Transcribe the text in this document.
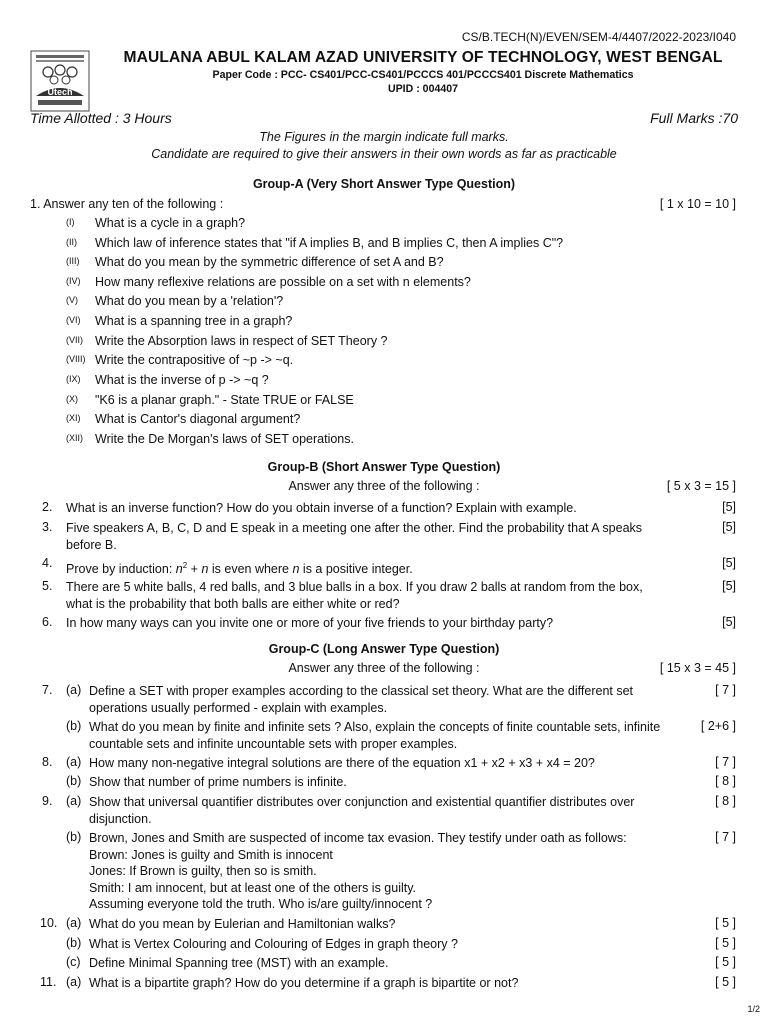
CS/B.TECH(N)/EVEN/SEM-4/4407/2022-2023/I040
Utech
MAULANA ABUL KALAM AZAD UNIVERSITY OF TECHNOLOGY, WEST BENGAL
Paper Code : PCC- CS401/PCC-CS401/PCCCS 401/PCCCS401 Discrete Mathematics
UPID : 004407
Time Allotted : 3 Hours	Full Marks :70
The Figures in the margin indicate full marks.
Candidate are required to give their answers in their own words as far as practicable
Group-A (Very Short Answer Type Question)
1. Answer any ten of the following :	[ 1 x 10 = 10 ]
(I) What is a cycle in a graph?
(II) Which law of inference states that "if A implies B, and B implies C, then A implies C"?
(III) What do you mean by the symmetric difference of set A and B?
(IV) How many reflexive relations are possible on a set with n elements?
(V) What do you mean by a 'relation'?
(VI) What is a spanning tree in a graph?
(VII) Write the Absorption laws in respect of SET Theory ?
(VIII) Write the contrapositive of ~p -> ~q.
(IX) What is the inverse of p -> ~q ?
(X) "K6 is a planar graph." - State TRUE or FALSE
(XI) What is Cantor's diagonal argument?
(XII) Write the De Morgan's laws of SET operations.
Group-B (Short Answer Type Question)
Answer any three of the following :	[ 5 x 3 = 15 ]
2. What is an inverse function? How do you obtain inverse of a function? Explain with example.	[5]
3. Five speakers A, B, C, D and E speak in a meeting one after the other. Find the probability that A speaks before B.
[5]
4. Prove by induction: $n^2 + n$ is even where n is a positive integer.	[5]
5. There are 5 white balls, 4 red balls, and 3 blue balls in a box. If you draw 2 balls at random from the box, what is the probability that both balls are either white or red?
[5]
6. In how many ways can you invite one or more of your five friends to your birthday party?	[5]
Group-C (Long Answer Type Question)
Answer any three of the following :	[ 15 x 3 = 45 ]
7. (a) Define a SET with proper examples according to the classical set theory. What are the different set operations usually performed - explain with examples.
[ 7 ]
(b) What do you mean by finite and infinite sets ? Also, explain the concepts of finite countable sets, infinite countable sets and infinite uncountable sets with proper examples.
[ 2+6 ]
8. (a) How many non-negative integral solutions are there of the equation x1 + x2 + x3 + x4 = 20?	[ 7 ]
(b) Show that number of prime numbers is infinite.	[ 8 ]
9. (a) Show that universal quantifier distributes over conjunction and existential quantifier distributes over disjunction.
[ 8 ]
(b) Brown, Jones and Smith are suspected of income tax evasion. They testify under oath as follows:	[ 7 ]
Brown: Jones is guilty and Smith is innocent
Jones: If Brown is guilty, then so is smith.
Smith: I am innocent, but at least one of the others is guilty.
Assuming everyone told the truth. Who is/are guilty/innocent ?
10. (a) What do you mean by Eulerian and Hamiltonian walks?	[ 5 ]
(b) What is Vertex Colouring and Colouring of Edges in graph theory ?	[ 5 ]
(c) Define Minimal Spanning tree (MST) with an example.	[ 5 ]
11. (a) What is a bipartite graph? How do you determine if a graph is bipartite or not?	[ 5 ]
1/2
